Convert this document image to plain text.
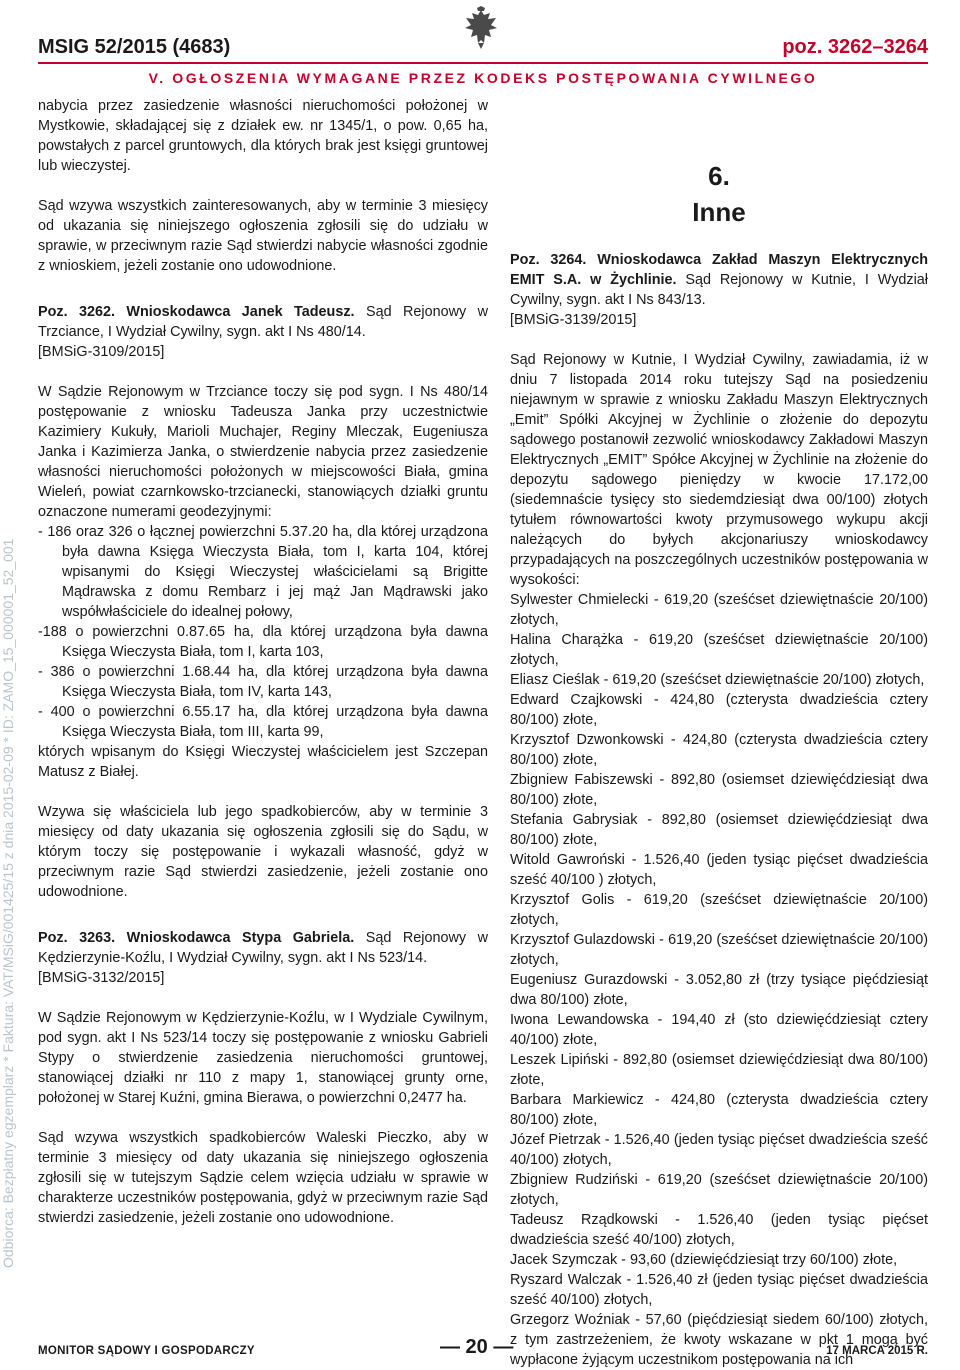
MSIG 52/2015 (4683)	poz. 3262–3264
V. OGŁOSZENIA WYMAGANE PRZEZ KODEKS POSTĘPOWANIA CYWILNEGO
Odbiorca: Bezpłatny egzemplarz * Faktura: VAT/MSiG/001425/15 z dnia 2015-02-09 * ID: ZAMO_15_000001_52_001

nabycia przez zasiedzenie własności nieruchomości położonej w Mystkowie, składającej się z działek ew. nr 1345/1, o pow. 0,65 ha, powstałych z parcel gruntowych, dla których brak jest księgi gruntowej lub wieczystej.

Sąd wzywa wszystkich zainteresowanych, aby w terminie 3 miesięcy od ukazania się niniejszego ogłoszenia zgłosili się do udziału w sprawie, w przeciwnym razie Sąd stwierdzi nabycie własności zgodnie z wnioskiem, jeżeli zostanie ono udowodnione.

Poz. 3262. Wnioskodawca Janek Tadeusz. Sąd Rejonowy w Trzciance, I Wydział Cywilny, sygn. akt I Ns 480/14.

[BMSiG-3109/2015]

W Sądzie Rejonowym w Trzciance toczy się pod sygn. I Ns 480/14 postępowanie z wniosku Tadeusza Janka przy uczestnictwie Kazimiery Kukuły, Marioli Muchajer, Reginy Mleczak, Eugeniusza Janka i Kazimierza Janka, o stwierdzenie nabycia przez zasiedzenie własności nieruchomości położonych w miejscowości Biała, gmina Wieleń, powiat czarnkowsko-trzcianecki, stanowiących działki gruntu oznaczone numerami geodezyjnymi:

- 186 oraz 326 o łącznej powierzchni 5.37.20 ha, dla której urządzona była dawna Księga Wieczysta Biała, tom I, karta 104, której wpisanymi do Księgi Wieczystej właścicielami są Brigitte Mądrawska z domu Rembarz i jej mąż Jan Mądrawski jako współwłaściciele do idealnej połowy,

-188 o powierzchni 0.87.65 ha, dla której urządzona była dawna Księga Wieczysta Biała, tom I, karta 103,

- 386 o powierzchni 1.68.44 ha, dla której urządzona była dawna Księga Wieczysta Biała, tom IV, karta 143,

- 400 o powierzchni 6.55.17 ha, dla której urządzona była dawna Księga Wieczysta Biała, tom III, karta 99,

których wpisanym do Księgi Wieczystej właścicielem jest Szczepan Matusz z Białej.

Wzywa się właściciela lub jego spadkobierców, aby w terminie 3 miesięcy od daty ukazania się ogłoszenia zgłosili się do Sądu, w którym toczy się postępowanie i wykazali własność, gdyż w przeciwnym razie Sąd stwierdzi zasiedzenie, jeżeli zostanie ono udowodnione.

Poz. 3263. Wnioskodawca Stypa Gabriela. Sąd Rejonowy w Kędzierzynie-Koźlu, I Wydział Cywilny, sygn. akt I Ns 523/14.

[BMSiG-3132/2015]

W Sądzie Rejonowym w Kędzierzynie-Koźlu, w I Wydziale Cywilnym, pod sygn. akt I Ns 523/14 toczy się postępowanie z wniosku Gabrieli Stypy o stwierdzenie zasiedzenia nieruchomości gruntowej, stanowiącej działki nr 110 z mapy 1, stanowiącej grunty orne, położonej w Starej Kuźni, gmina Bierawa, o powierzchni 0,2477 ha.

Sąd wzywa wszystkich spadkobierców Waleski Pieczko, aby w terminie 3 miesięcy od daty ukazania się niniejszego ogłoszenia zgłosili się w tutejszym Sądzie celem wzięcia udziału w sprawie w charakterze uczestników postępowania, gdyż w przeciwnym razie Sąd stwierdzi zasiedzenie, jeżeli zostanie ono udowodnione.

6.

Inne

Poz. 3264. Wnioskodawca Zakład Maszyn Elektrycznych EMIT S.A. w Żychlinie. Sąd Rejonowy w Kutnie, I Wydział Cywilny, sygn. akt I Ns 843/13.

[BMSiG-3139/2015]

Sąd Rejonowy w Kutnie, I Wydział Cywilny, zawiadamia, iż w dniu 7 listopada 2014 roku tutejszy Sąd na posiedzeniu niejawnym w sprawie z wniosku Zakładu Maszyn Elektrycznych „Emit” Spółki Akcyjnej w Żychlinie o złożenie do depozytu sądowego postanowił zezwolić wnioskodawcy Zakładowi Maszyn Elektrycznych „EMIT” Spółce Akcyjnej w Żychlinie na złożenie do depozytu sądowego pieniędzy w kwocie 17.172,00 (siedemnaście tysięcy sto siedemdziesiąt dwa 00/100) złotych tytułem równowartości kwoty przymusowego wykupu akcji należących do byłych akcjonariuszy wnioskodawcy przypadających na poszczególnych uczestników postępowania w wysokości:

Sylwester Chmielecki - 619,20 (sześćset dziewiętnaście 20/100) złotych,

Halina Charążka - 619,20 (sześćset dziewiętnaście 20/100) złotych,

Eliasz Cieślak - 619,20 (sześćset dziewiętnaście 20/100) złotych,

Edward Czajkowski - 424,80 (czterysta dwadzieścia cztery 80/100) złote,

Krzysztof Dzwonkowski - 424,80 (czterysta dwadzieścia cztery 80/100) złote,

Zbigniew Fabiszewski - 892,80 (osiemset dziewięćdziesiąt dwa 80/100) złote,

Stefania Gabrysiak - 892,80 (osiemset dziewięćdziesiąt dwa 80/100) złote,

Witold Gawroński - 1.526,40 (jeden tysiąc pięćset dwadzieścia sześć 40/100 ) złotych,

Krzysztof Golis - 619,20 (sześćset dziewiętnaście 20/100) złotych,

Krzysztof Gulazdowski - 619,20 (sześćset dziewiętnaście 20/100) złotych,

Eugeniusz Gurazdowski - 3.052,80 zł (trzy tysiące pięćdziesiąt dwa 80/100) złote,

Iwona Lewandowska - 194,40 zł (sto dziewięćdziesiąt cztery 40/100) złote,

Leszek Lipiński - 892,80 (osiemset dziewięćdziesiąt dwa 80/100) złote,

Barbara Markiewicz - 424,80 (czterysta dwadzieścia cztery 80/100) złote,

Józef Pietrzak - 1.526,40 (jeden tysiąc pięćset dwadzieścia sześć 40/100) złotych,

Zbigniew Rudziński - 619,20 (sześćset dziewiętnaście 20/100) złotych,

Tadeusz Rządkowski - 1.526,40 (jeden tysiąc pięćset dwadzieścia sześć 40/100) złotych,

Jacek Szymczak - 93,60 (dziewięćdziesiąt trzy 60/100) złote,

Ryszard Walczak - 1.526,40 zł (jeden tysiąc pięćset dwadzieścia sześć 40/100) złotych,

Grzegorz Woźniak - 57,60 (pięćdziesiąt siedem 60/100) złotych, z tym zastrzeżeniem, że kwoty wskazane w pkt 1 mogą być wypłacone żyjącym uczestnikom postępowania na ich

MONITOR SĄDOWY I GOSPODARCZY	— 20 —	17 MARCA 2015 R.
